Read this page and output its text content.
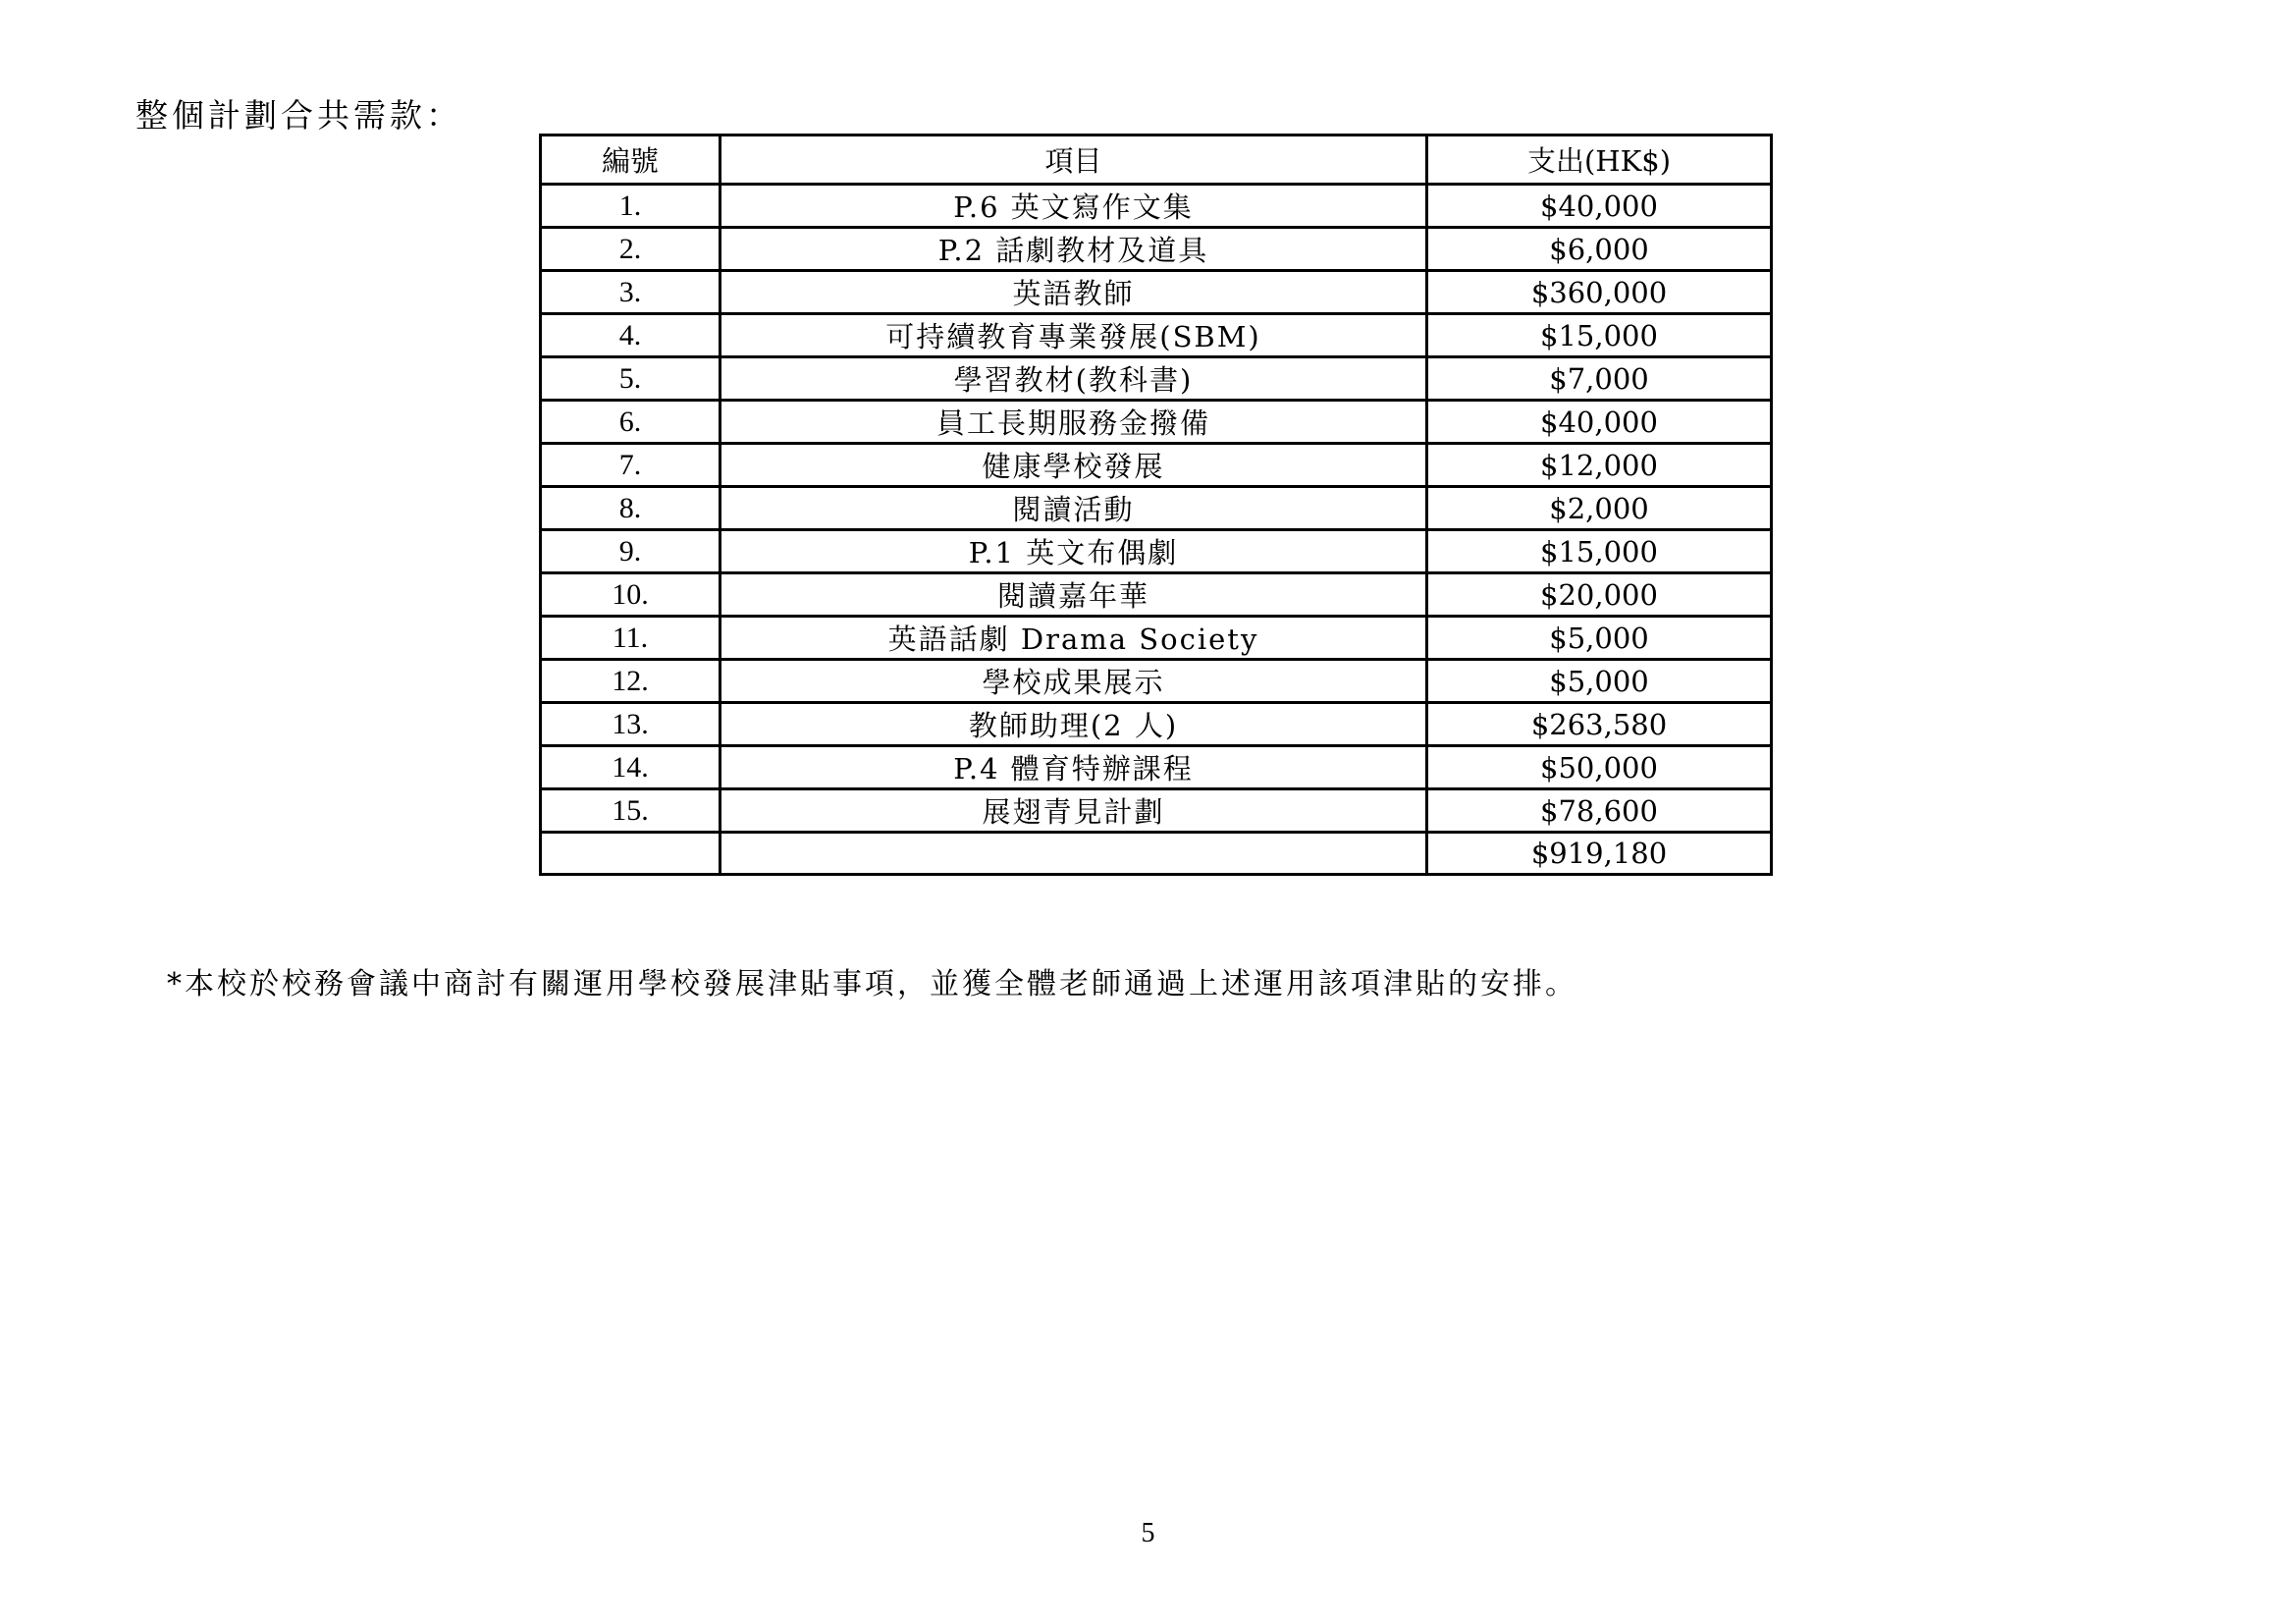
整個計劃合共需款：
編號	項目	支出(HK$)
1.	P.6 英文寫作文集	$40,000
2.	P.2 話劇教材及道具	$6,000
3.	英語教師	$360,000
4.	可持續教育專業發展(SBM)	$15,000
5.	學習教材(教科書)	$7,000
6.	員工長期服務金撥備	$40,000
7.	健康學校發展	$12,000
8.	閱讀活動	$2,000
9.	P.1 英文布偶劇	$15,000
10.	閱讀嘉年華	$20,000
11.	英語話劇 Drama Society	$5,000
12.	學校成果展示	$5,000
13.	教師助理(2 人)	$263,580
14.	P.4 體育特辦課程	$50,000
15.	展翅青見計劃	$78,600
		$919,180
*本校於校務會議中商討有關運用學校發展津貼事項，並獲全體老師通過上述運用該項津貼的安排。
5
